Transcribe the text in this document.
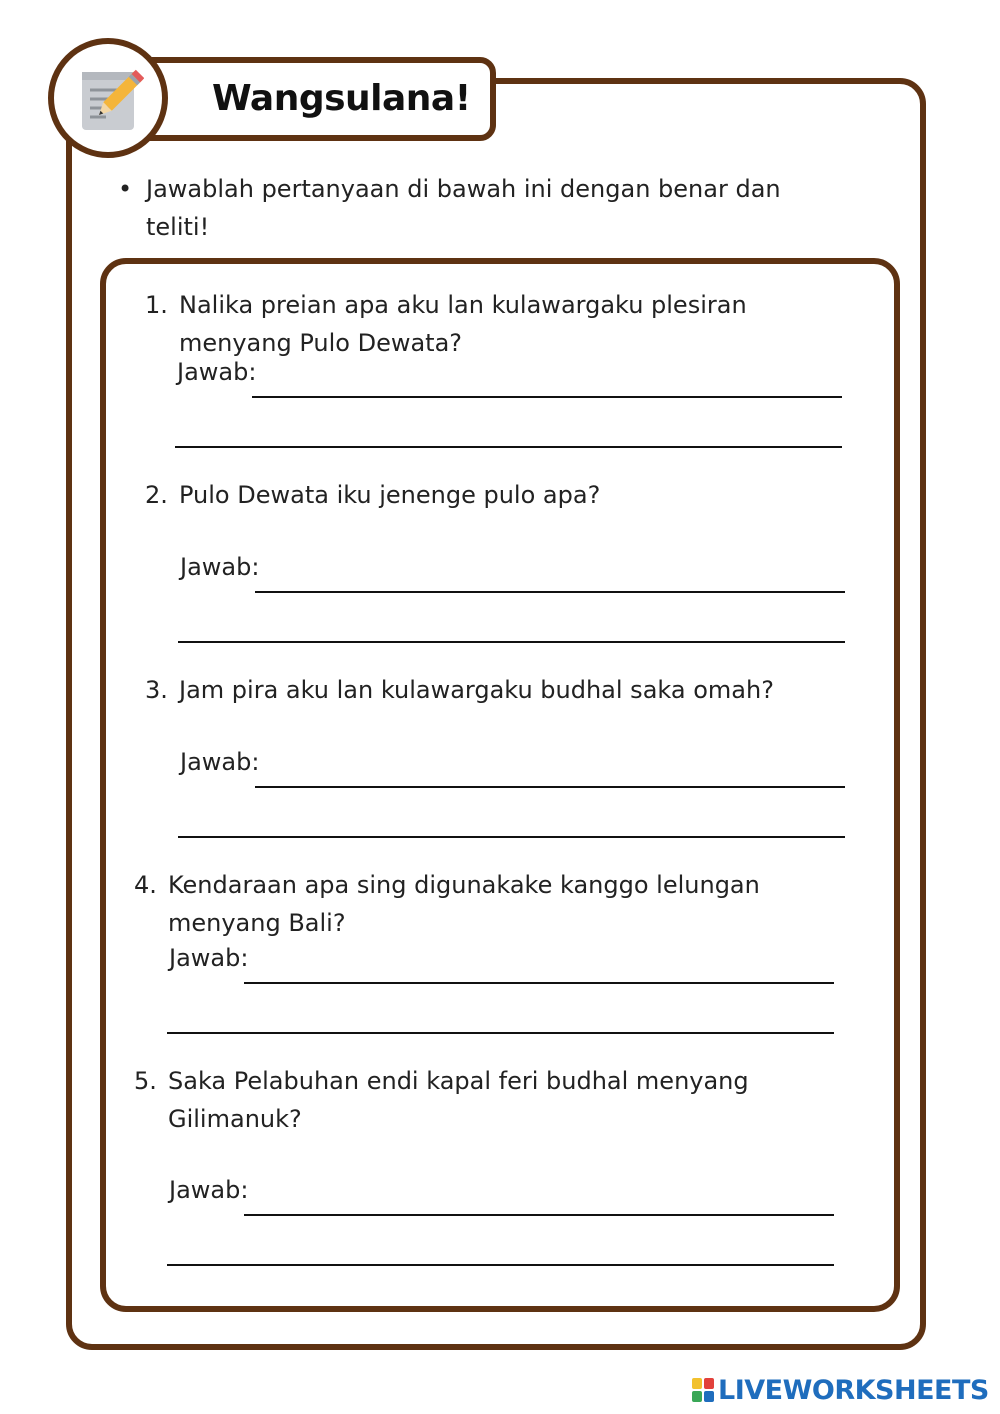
Wangsulana!
• Jawablah pertanyaan di bawah ini dengan benar dan teliti!
1. Nalika preian apa aku lan kulawargaku plesiran menyang Pulo Dewata?
Jawab:
2. Pulo Dewata iku jenenge pulo apa?
Jawab:
3. Jam pira aku lan kulawargaku budhal saka omah?
Jawab:
4. Kendaraan apa sing digunakake kanggo lelungan menyang Bali?
Jawab:
5. Saka Pelabuhan endi kapal feri budhal menyang Gilimanuk?
Jawab:
LIVEWORKSHEETS
